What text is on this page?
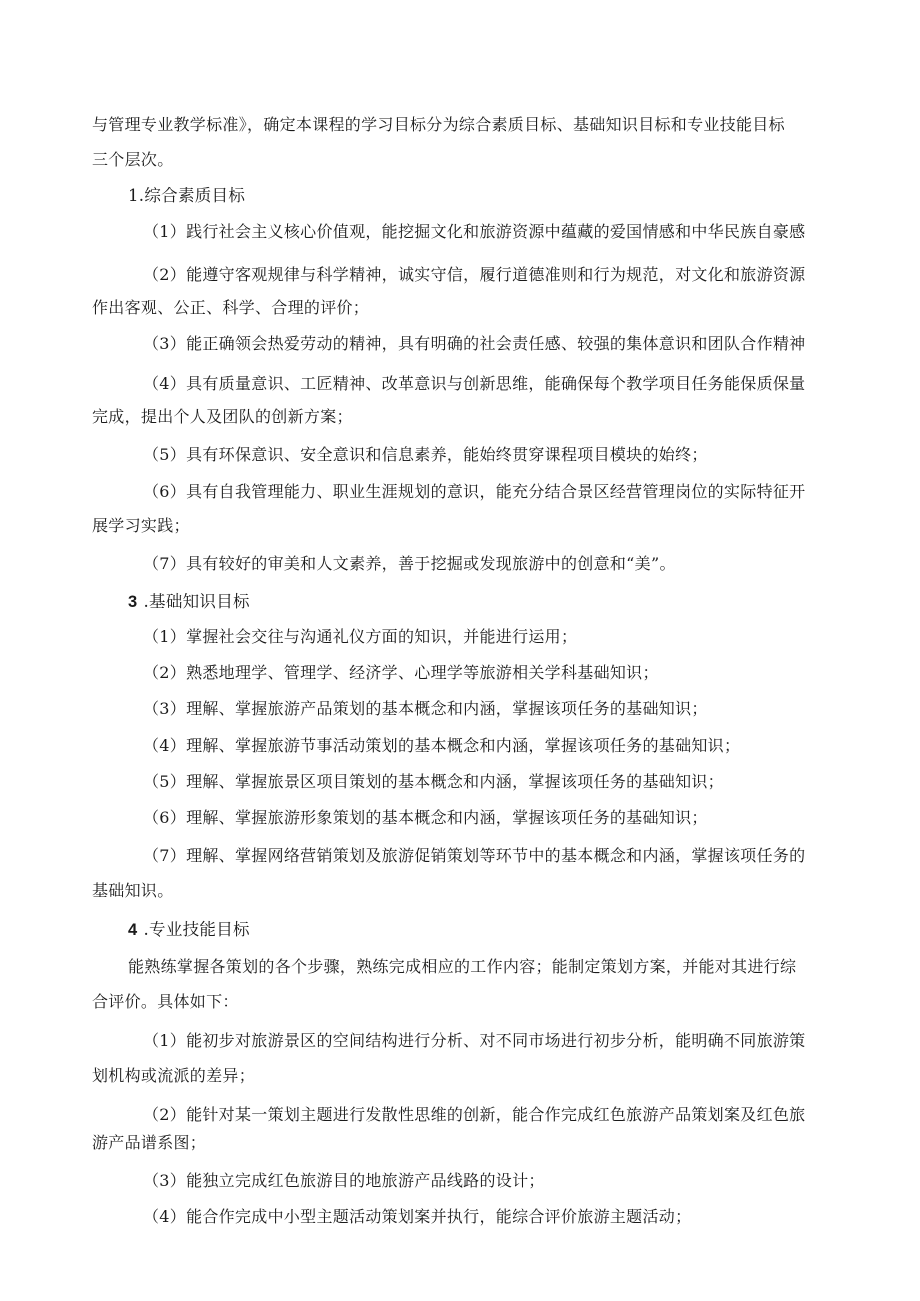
与管理专业教学标准》，确定本课程的学习目标分为综合素质目标、基础知识目标和专业技能目标

三个层次。

1.综合素质目标

（1）践行社会主义核心价值观，能挖掘文化和旅游资源中蕴藏的爱国情感和中华民族自豪感

（2）能遵守客观规律与科学精神，诚实守信，履行道德准则和行为规范，对文化和旅游资源

作出客观、公正、科学、合理的评价；

（3）能正确领会热爱劳动的精神，具有明确的社会责任感、较强的集体意识和团队合作精神

（4）具有质量意识、工匠精神、改革意识与创新思维，能确保每个教学项目任务能保质保量

完成，提出个人及团队的创新方案；

（5）具有环保意识、安全意识和信息素养，能始终贯穿课程项目模块的始终；

（6）具有自我管理能力、职业生涯规划的意识，能充分结合景区经营管理岗位的实际特征开

展学习实践；

（7）具有较好的审美和人文素养，善于挖掘或发现旅游中的创意和“美”。

3 .基础知识目标

（1）掌握社会交往与沟通礼仪方面的知识，并能进行运用；

（2）熟悉地理学、管理学、经济学、心理学等旅游相关学科基础知识；

（3）理解、掌握旅游产品策划的基本概念和内涵，掌握该项任务的基础知识；

（4）理解、掌握旅游节事活动策划的基本概念和内涵，掌握该项任务的基础知识；

（5）理解、掌握旅景区项目策划的基本概念和内涵，掌握该项任务的基础知识；

（6）理解、掌握旅游形象策划的基本概念和内涵，掌握该项任务的基础知识；

（7）理解、掌握网络营销策划及旅游促销策划等环节中的基本概念和内涵，掌握该项任务的

基础知识。

4 .专业技能目标

能熟练掌握各策划的各个步骤，熟练完成相应的工作内容；能制定策划方案，并能对其进行综

合评价。具体如下：

（1）能初步对旅游景区的空间结构进行分析、对不同市场进行初步分析，能明确不同旅游策

划机构或流派的差异；

（2）能针对某一策划主题进行发散性思维的创新，能合作完成红色旅游产品策划案及红色旅

游产品谱系图；

（3）能独立完成红色旅游目的地旅游产品线路的设计；

（4）能合作完成中小型主题活动策划案并执行，能综合评价旅游主题活动；
